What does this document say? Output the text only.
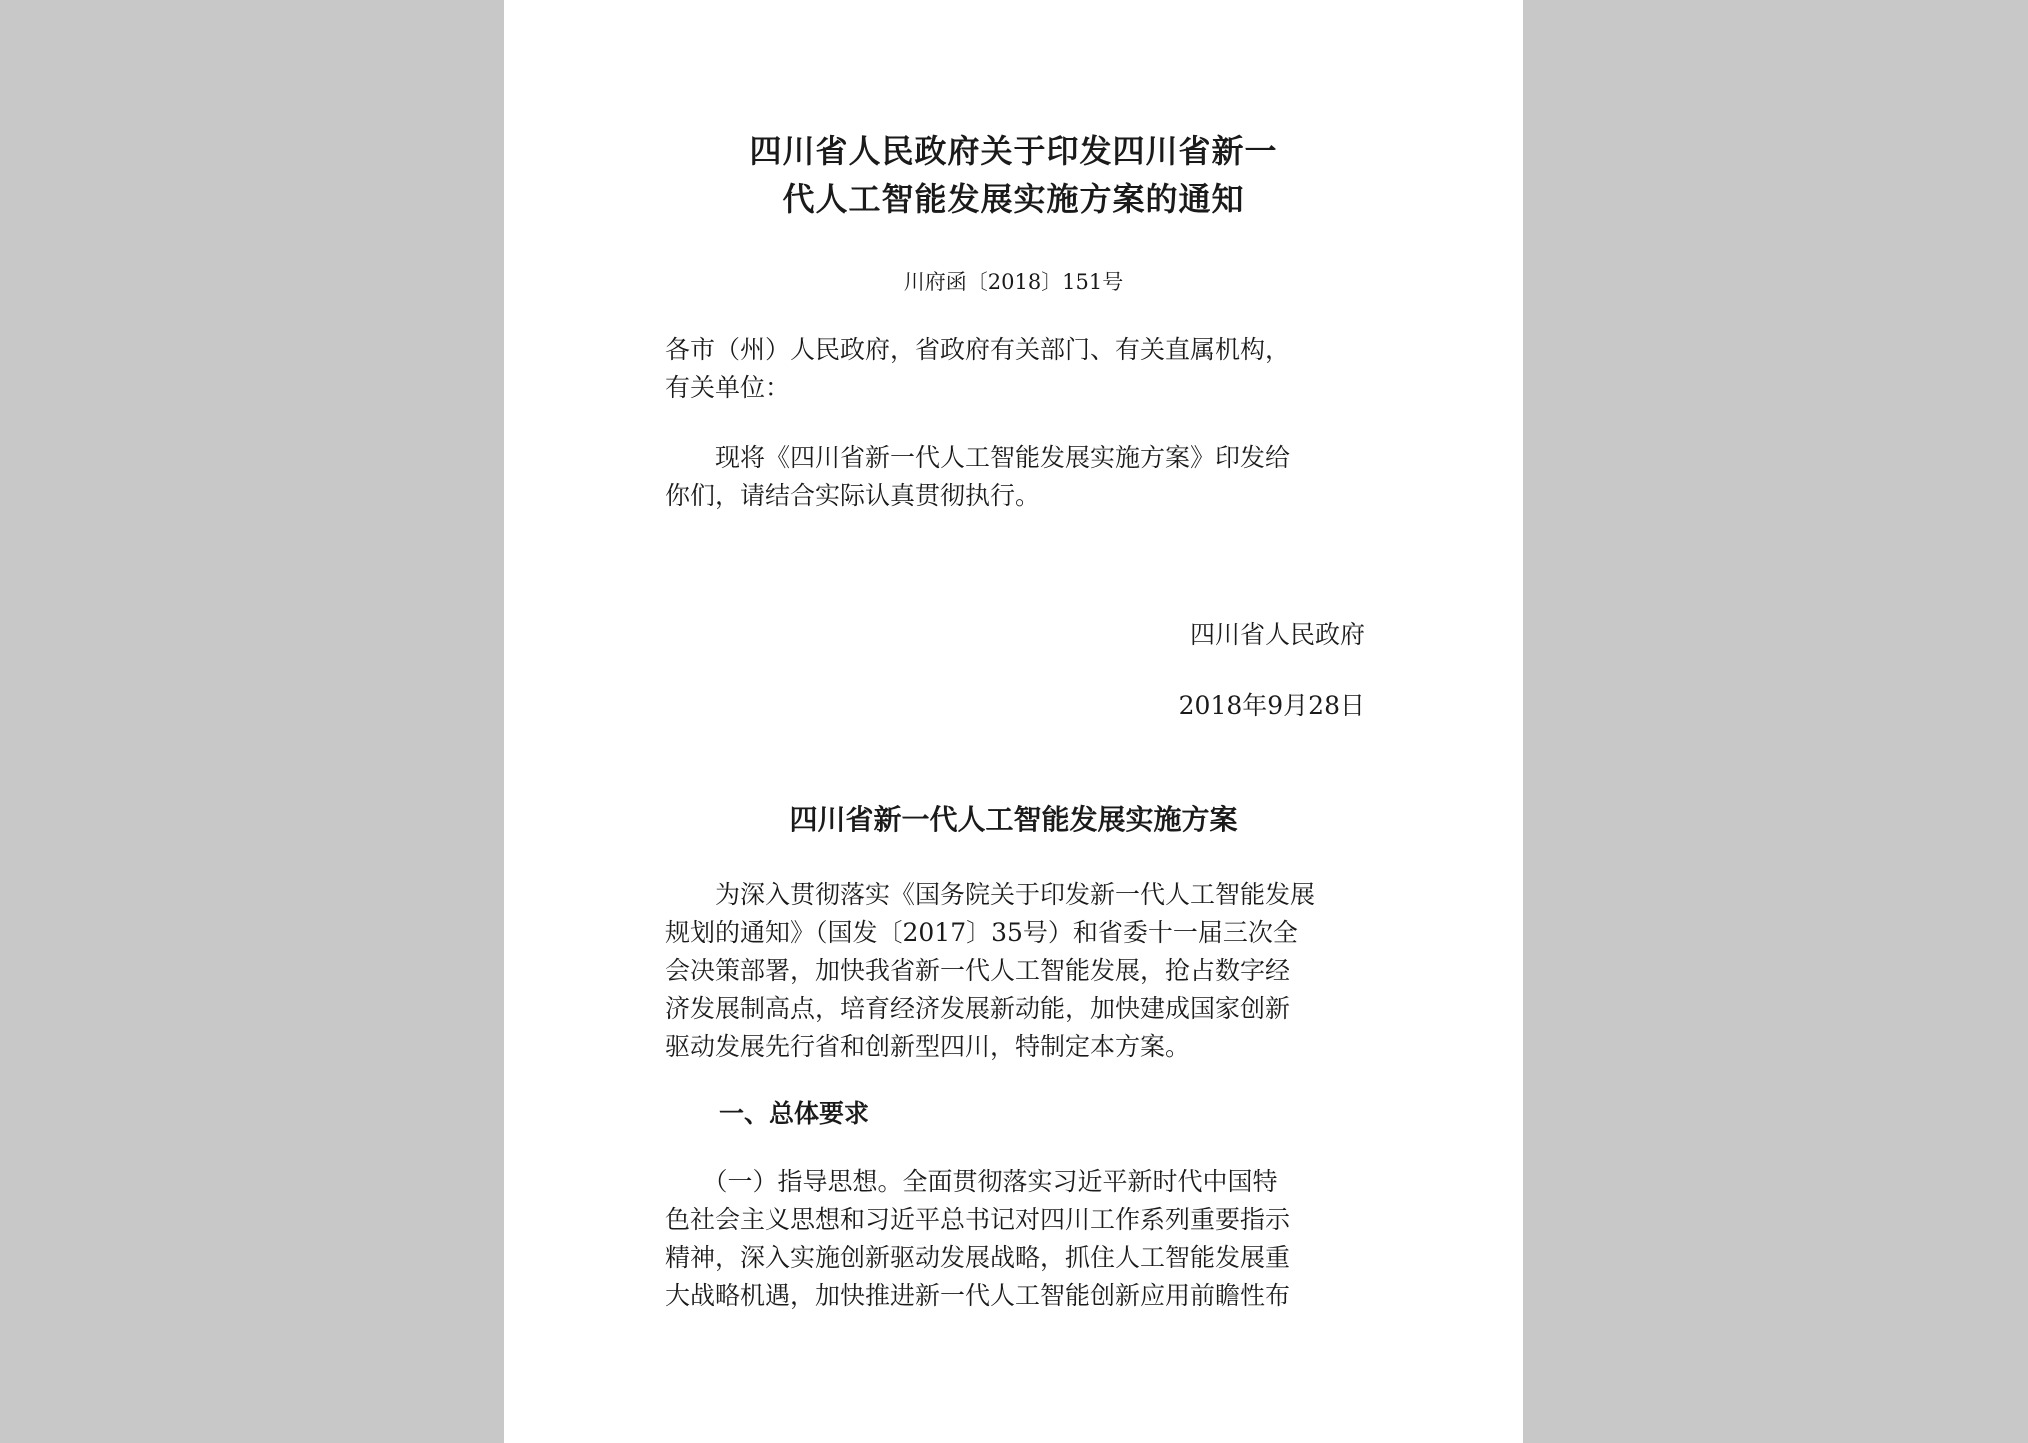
四川省人民政府关于印发四川省新一
代人工智能发展实施方案的通知
川府函〔2018〕151号
各市（州）人民政府，省政府有关部门、有关直属机构，
有关单位：
　　现将《四川省新一代人工智能发展实施方案》印发给
你们，请结合实际认真贯彻执行。
四川省人民政府
2018年9月28日
四川省新一代人工智能发展实施方案
　　为深入贯彻落实《国务院关于印发新一代人工智能发展
规划的通知》（国发〔2017〕35号）和省委十一届三次全
会决策部署，加快我省新一代人工智能发展，抢占数字经
济发展制高点，培育经济发展新动能，加快建成国家创新
驱动发展先行省和创新型四川，特制定本方案。
一、总体要求
　　（一）指导思想。全面贯彻落实习近平新时代中国特
色社会主义思想和习近平总书记对四川工作系列重要指示
精神，深入实施创新驱动发展战略，抓住人工智能发展重
大战略机遇，加快推进新一代人工智能创新应用前瞻性布
